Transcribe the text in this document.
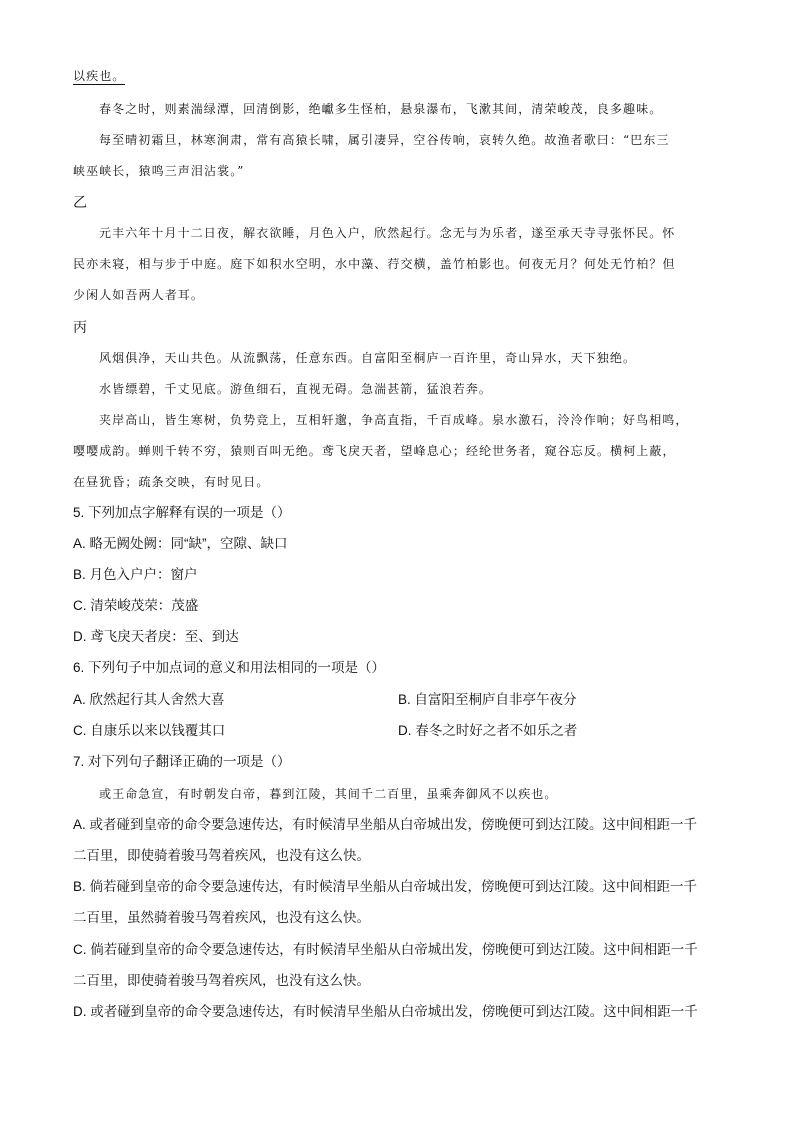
以疾也。
春冬之时，则素湍绿潭，回清倒影，绝巘多生怪柏，悬泉瀑布，飞漱其间，清荣峻茂，良多趣味。
每至晴初霜旦，林寒涧肃，常有高猿长啸，属引凄异，空谷传响，哀转久绝。故渔者歌曰：“巴东三
峡巫峡长，猿鸣三声泪沾裳。”
乙
元丰六年十月十二日夜，解衣欲睡，月色入户，欣然起行。念无与为乐者，遂至承天寺寻张怀民。怀
民亦未寝，相与步于中庭。庭下如积水空明，水中藻、荇交横，盖竹柏影也。何夜无月？何处无竹柏？但
少闲人如吾两人者耳。
丙
风烟俱净，天山共色。从流飘荡，任意东西。自富阳至桐庐一百许里，奇山异水，天下独绝。
水皆缥碧，千丈见底。游鱼细石，直视无碍。急湍甚箭，猛浪若奔。
夹岸高山，皆生寒树，负势竞上，互相轩邈，争高直指，千百成峰。泉水激石，泠泠作响；好鸟相鸣，
嘤嘤成韵。蝉则千转不穷，猿则百叫无绝。鸢飞戾天者，望峰息心；经纶世务者，窥谷忘反。横柯上蔽，
在昼犹昏；疏条交映，有时见日。
5. 下列加点字解释有误的一项是（）
A. 略无阙处阙：同“缺”，空隙、缺口
B. 月色入户户：窗户
C. 清荣峻茂荣：茂盛
D. 鸢飞戾天者戾：至、到达
6. 下列句子中加点词的意义和用法相同的一项是（）
A. 欣然起行其人舍然大喜	B. 自富阳至桐庐自非亭午夜分
C. 自康乐以来以钱覆其口	D. 春冬之时好之者不如乐之者
7. 对下列句子翻译正确的一项是（）
或王命急宣，有时朝发白帝，暮到江陵，其间千二百里，虽乘奔御风不以疾也。
A. 或者碰到皇帝的命令要急速传达，有时候清早坐船从白帝城出发，傍晚便可到达江陵。这中间相距一千
二百里，即使骑着骏马驾着疾风，也没有这么快。
B. 倘若碰到皇帝的命令要急速传达，有时候清早坐船从白帝城出发，傍晚便可到达江陵。这中间相距一千
二百里，虽然骑着骏马驾着疾风，也没有这么快。
C. 倘若碰到皇帝的命令要急速传达，有时候清早坐船从白帝城出发，傍晚便可到达江陵。这中间相距一千
二百里，即使骑着骏马驾着疾风，也没有这么快。
D. 或者碰到皇帝的命令要急速传达，有时候清早坐船从白帝城出发，傍晚便可到达江陵。这中间相距一千
